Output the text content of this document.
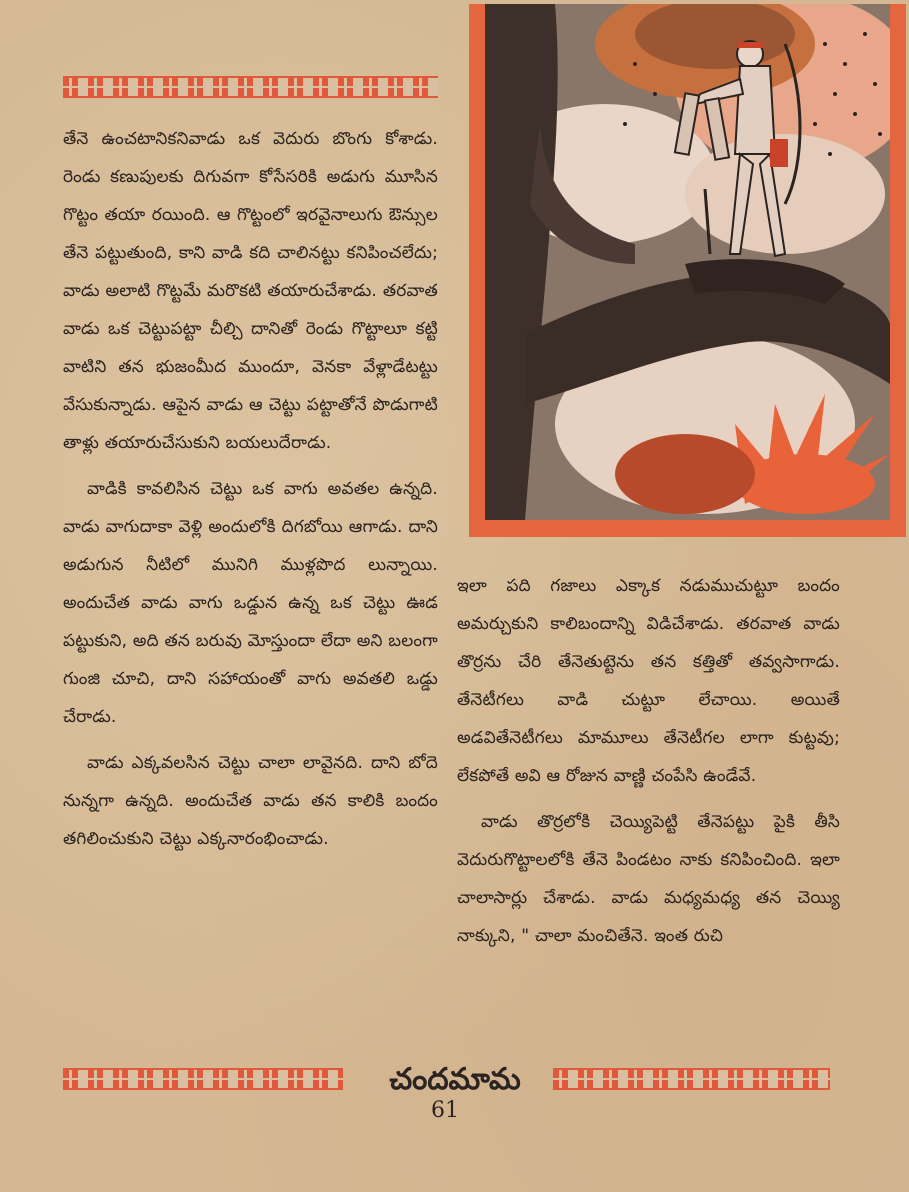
తేనె ఉంచటానికనివాడు ఒక వెదురు బొంగు కోశాడు. రెండు కణుపులకు దిగువగా కోసేసరికి అడుగు మూసిన గొట్టం తయా రయింది. ఆ గొట్టంలో ఇరవైనాలుగు ఔన్సుల తేనె పట్టుతుంది, కాని వాడి కది చాలినట్టు కనిపించలేదు; వాడు అలాటి గొట్టమే మరొకటి తయారుచేశాడు. తరవాత వాడు ఒక చెట్టుపట్టా చీల్చి దానితో రెండు గొట్టాలూ కట్టి వాటిని తన భుజంమీద ముందూ, వెనకా వేళ్లాడేటట్టు వేసుకున్నాడు. ఆపైన వాడు ఆ చెట్టు పట్టాతోనే పొడుగాటి తాళ్లు తయారుచేసుకుని బయలుదేరాడు.

వాడికి కావలిసిన చెట్టు ఒక వాగు అవతల ఉన్నది. వాడు వాగుదాకా వెళ్లి అందులోకి దిగబోయి ఆగాడు. దాని అడుగున నీటిలో మునిగి ముళ్లపొద లున్నాయి. అందుచేత వాడు వాగు ఒడ్డున ఉన్న ఒక చెట్టు ఊడ పట్టుకుని, అది తన బరువు మోస్తుందా లేదా అని బలంగా గుంజి చూచి, దాని సహాయంతో వాగు అవతలి ఒడ్డు చేరాడు.

వాడు ఎక్కవలసిన చెట్టు చాలా లావైనది. దాని బోదె నున్నగా ఉన్నది. అందుచేత వాడు తన కాలికి బందం తగిలించుకుని చెట్టు ఎక్కనారంభించాడు.

ఇలా పది గజాలు ఎక్కాక నడుముచుట్టూ బందం అమర్చుకుని కాలిబందాన్ని విడిచేశాడు. తరవాత వాడు తొర్రను చేరి తేనెతుట్టెను తన కత్తితో తవ్వసాగాడు. తేనెటీగలు వాడి చుట్టూ లేచాయి. అయితే అడవితేనెటీగలు మామూలు తేనెటీగల లాగా కుట్టవు; లేకపోతే అవి ఆ రోజున వాణ్ణి చంపేసి ఉండేవే.

వాడు తొర్రలోకి చెయ్యిపెట్టి తేనెపట్టు పైకి తీసి వెదురుగొట్టాలలోకి తేనె పిండటం నాకు కనిపించింది. ఇలా చాలాసార్లు చేశాడు. వాడు మధ్యమధ్య తన చెయ్యి నాక్కుని, " చాలా మంచితేనె. ఇంత రుచి

చందమామ
61
